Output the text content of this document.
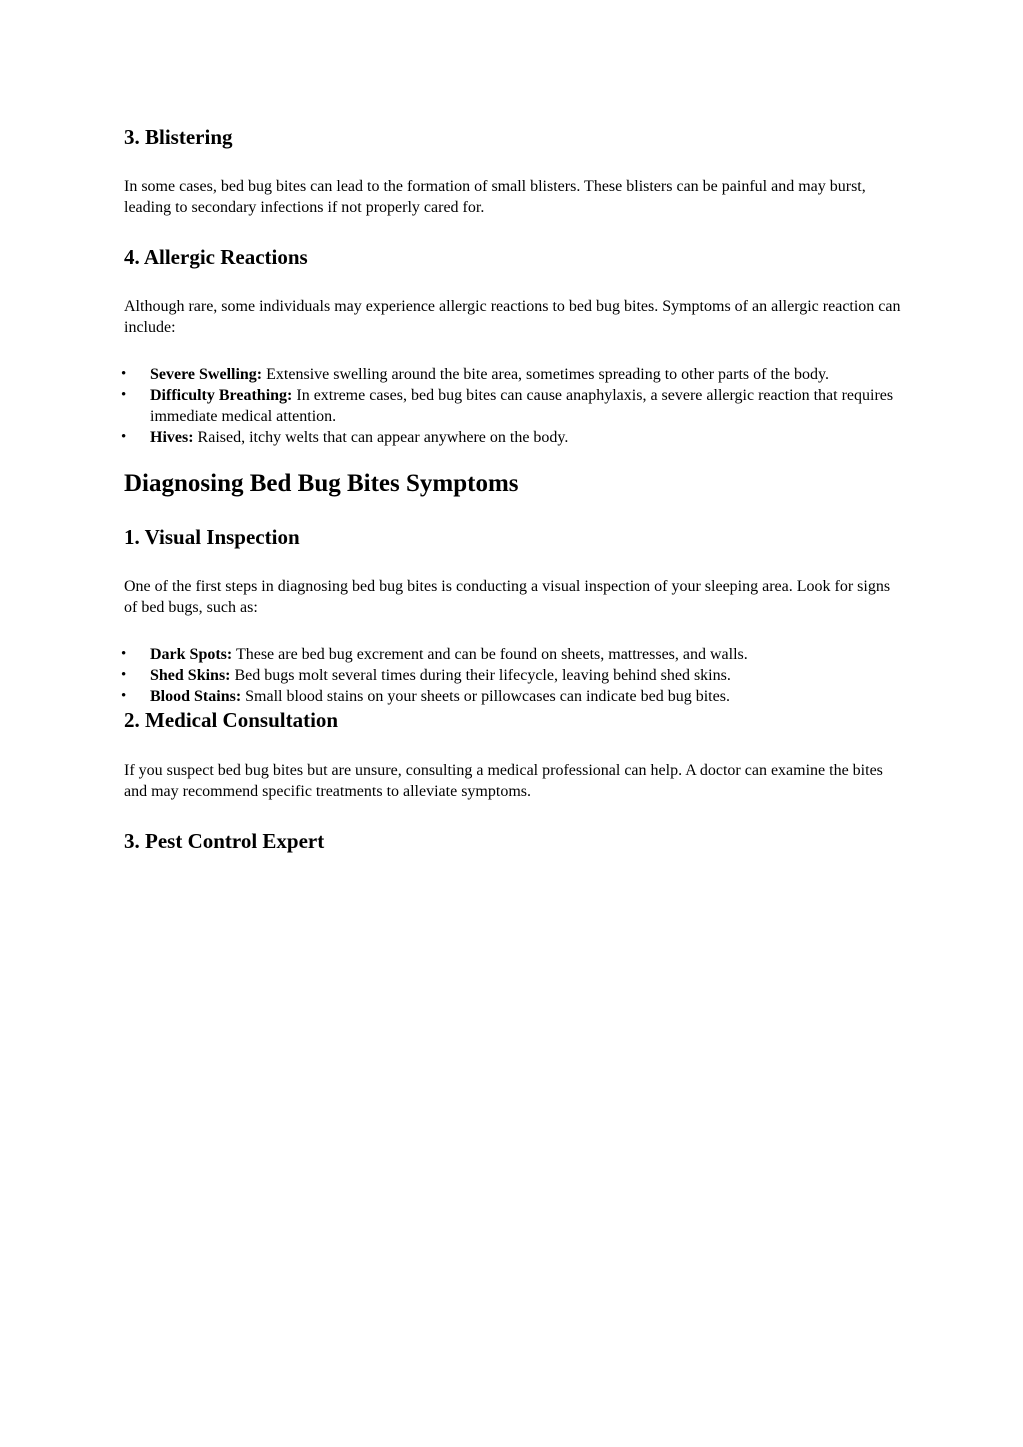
3. Blistering

In some cases, bed bug bites can lead to the formation of small blisters. These blisters can be painful and may burst, leading to secondary infections if not properly cared for.

4. Allergic Reactions

Although rare, some individuals may experience allergic reactions to bed bug bites. Symptoms of an allergic reaction can include:

• Severe Swelling: Extensive swelling around the bite area, sometimes spreading to other parts of the body.
• Difficulty Breathing: In extreme cases, bed bug bites can cause anaphylaxis, a severe allergic reaction that requires immediate medical attention.
• Hives: Raised, itchy welts that can appear anywhere on the body.
Diagnosing Bed Bug Bites Symptoms
1. Visual Inspection

One of the first steps in diagnosing bed bug bites is conducting a visual inspection of your sleeping area. Look for signs of bed bugs, such as:

• Dark Spots: These are bed bug excrement and can be found on sheets, mattresses, and walls.
• Shed Skins: Bed bugs molt several times during their lifecycle, leaving behind shed skins.
• Blood Stains: Small blood stains on your sheets or pillowcases can indicate bed bug bites.
2. Medical Consultation

If you suspect bed bug bites but are unsure, consulting a medical professional can help. A doctor can examine the bites and may recommend specific treatments to alleviate symptoms.

3. Pest Control Expert
